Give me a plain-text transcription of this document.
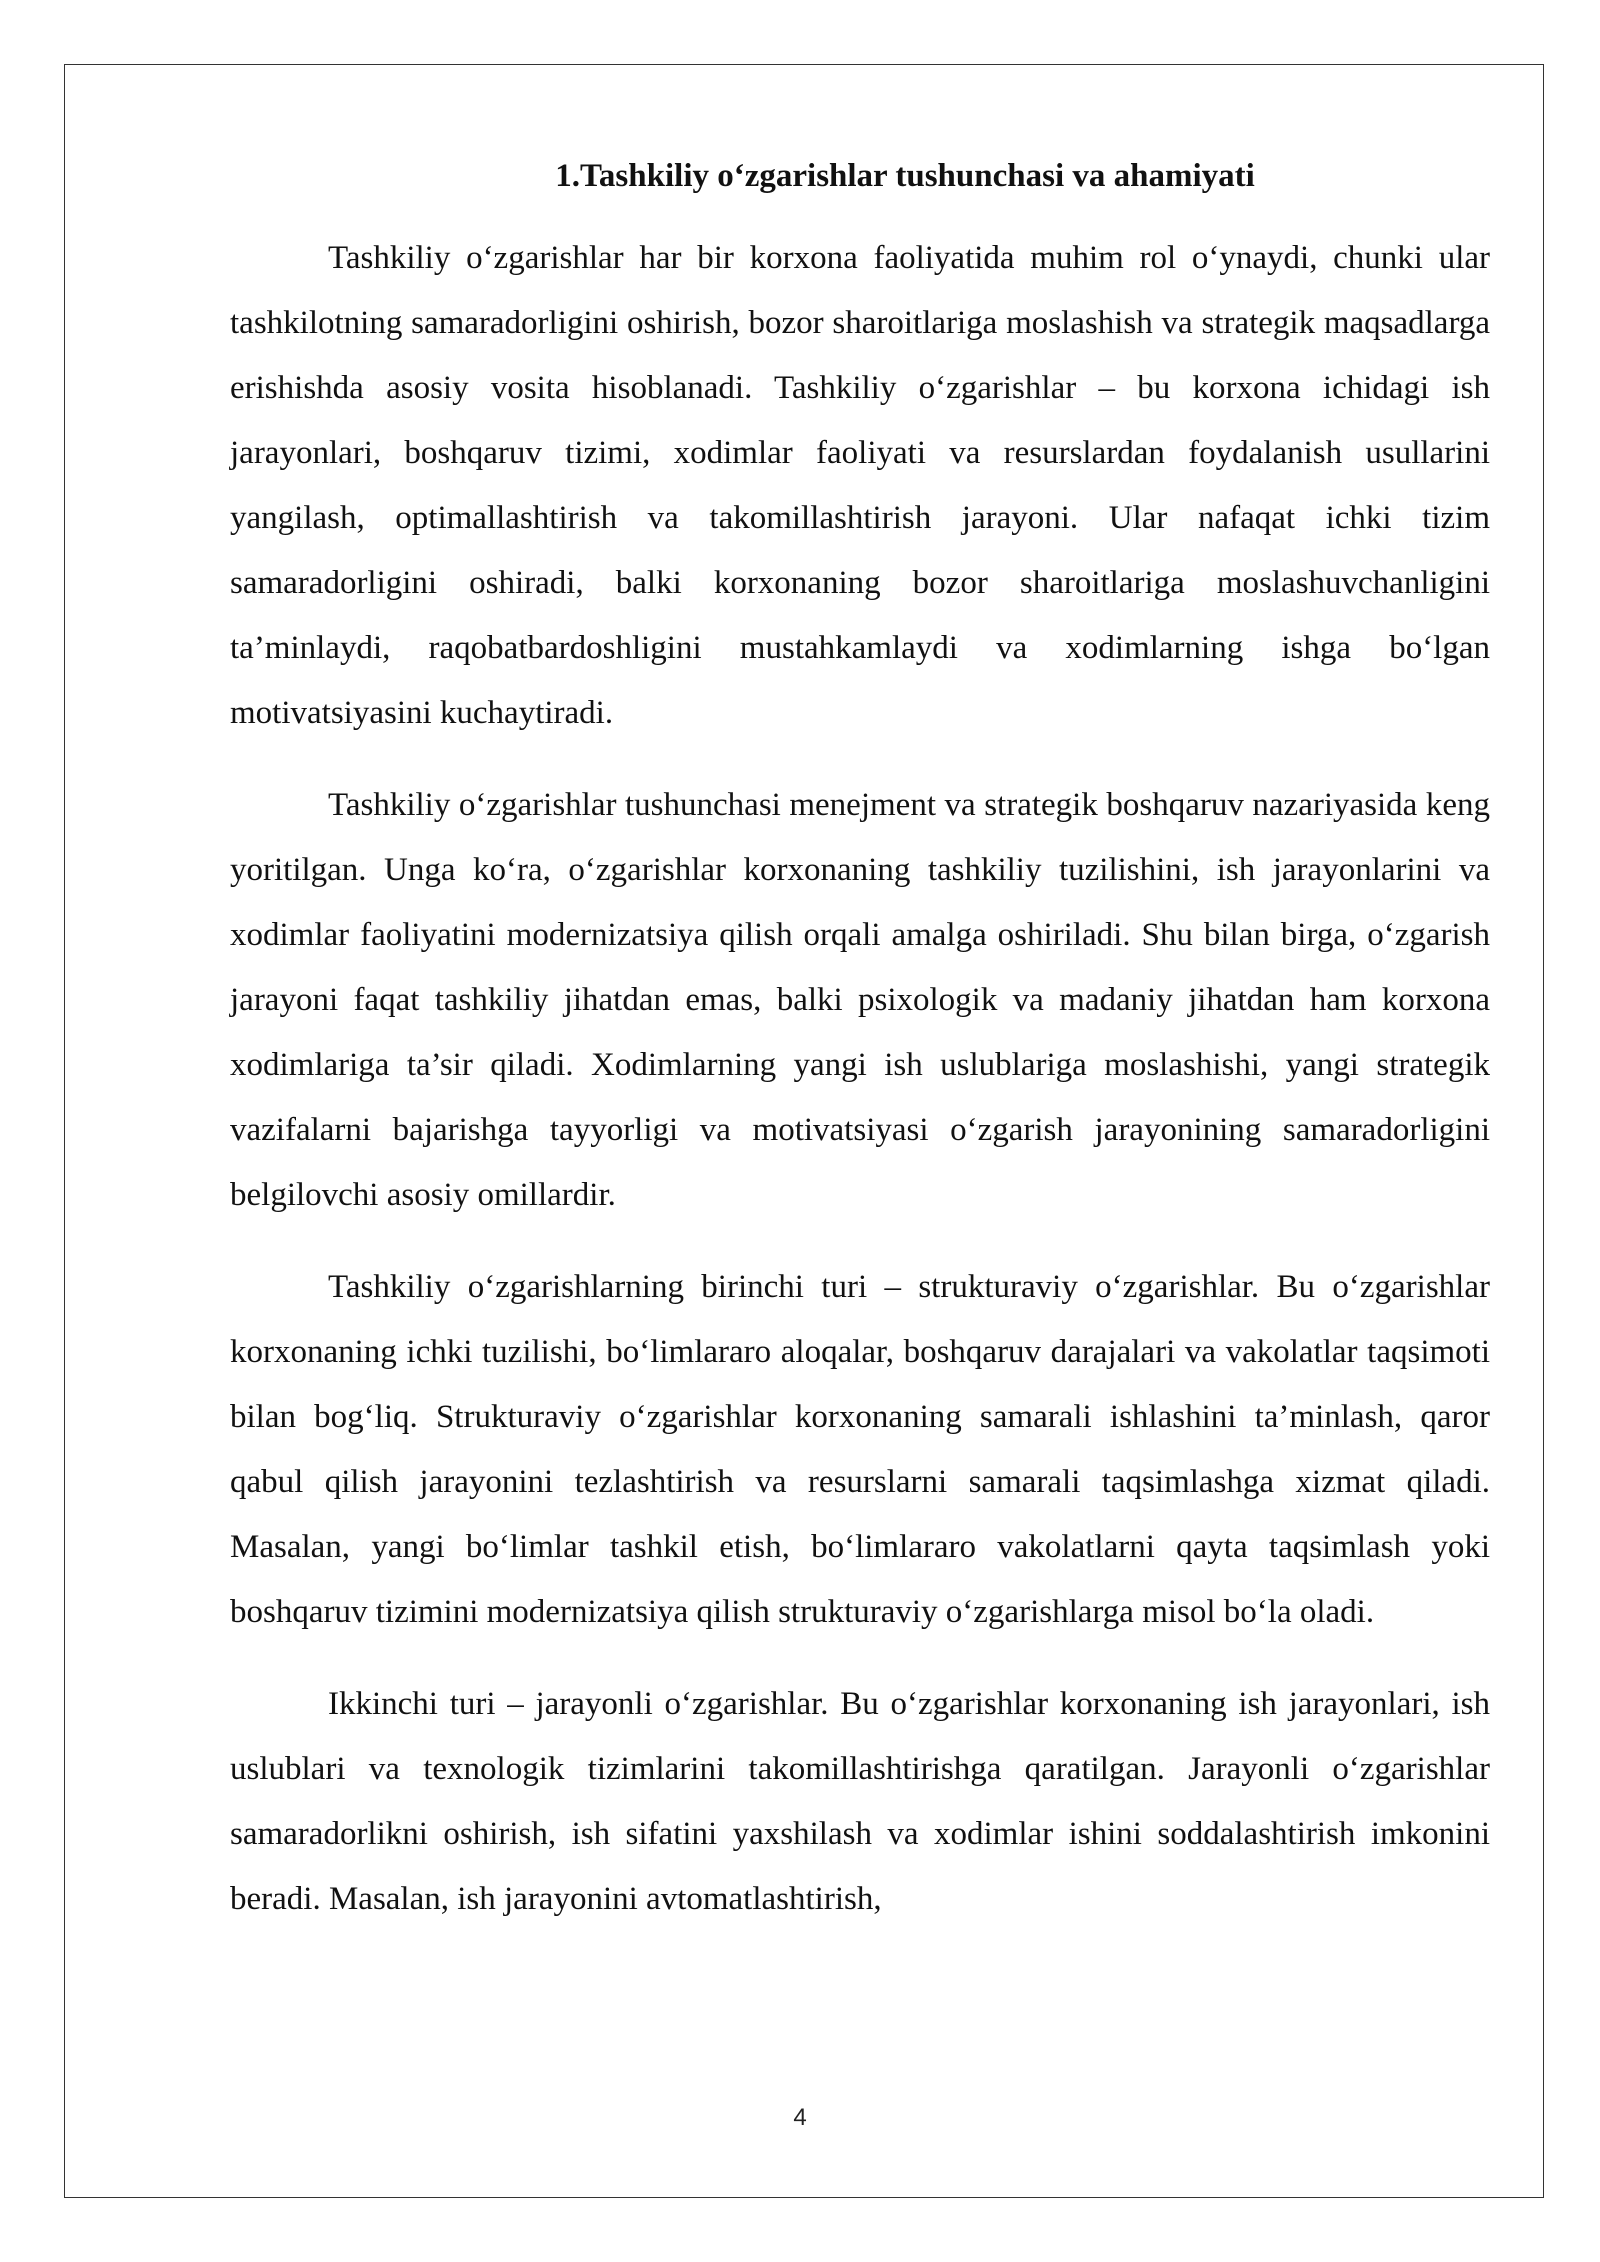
1.Tashkiliy o‘zgarishlar tushunchasi va ahamiyati

Tashkiliy o‘zgarishlar har bir korxona faoliyatida muhim rol o‘ynaydi, chunki ular tashkilotning samaradorligini oshirish, bozor sharoitlariga moslashish va strategik maqsadlarga erishishda asosiy vosita hisoblanadi. Tashkiliy o‘zgarishlar – bu korxona ichidagi ish jarayonlari, boshqaruv tizimi, xodimlar faoliyati va resurslardan foydalanish usullarini yangilash, optimallashtirish va takomillashtirish jarayoni. Ular nafaqat ichki tizim samaradorligini oshiradi, balki korxonaning bozor sharoitlariga moslashuvchanligini ta’minlaydi, raqobatbardoshligini mustahkamlaydi va xodimlarning ishga bo‘lgan motivatsiyasini kuchaytiradi.

Tashkiliy o‘zgarishlar tushunchasi menejment va strategik boshqaruv nazariyasida keng yoritilgan. Unga ko‘ra, o‘zgarishlar korxonaning tashkiliy tuzilishini, ish jarayonlarini va xodimlar faoliyatini modernizatsiya qilish orqali amalga oshiriladi. Shu bilan birga, o‘zgarish jarayoni faqat tashkiliy jihatdan emas, balki psixologik va madaniy jihatdan ham korxona xodimlariga ta’sir qiladi. Xodimlarning yangi ish uslublariga moslashishi, yangi strategik vazifalarni bajarishga tayyorligi va motivatsiyasi o‘zgarish jarayonining samaradorligini belgilovchi asosiy omillardir.

Tashkiliy o‘zgarishlarning birinchi turi – strukturaviy o‘zgarishlar. Bu o‘zgarishlar korxonaning ichki tuzilishi, bo‘limlararo aloqalar, boshqaruv darajalari va vakolatlar taqsimoti bilan bog‘liq. Strukturaviy o‘zgarishlar korxonaning samarali ishlashini ta’minlash, qaror qabul qilish jarayonini tezlashtirish va resurslarni samarali taqsimlashga xizmat qiladi. Masalan, yangi bo‘limlar tashkil etish, bo‘limlararo vakolatlarni qayta taqsimlash yoki boshqaruv tizimini modernizatsiya qilish strukturaviy o‘zgarishlarga misol bo‘la oladi.

Ikkinchi turi – jarayonli o‘zgarishlar. Bu o‘zgarishlar korxonaning ish jarayonlari, ish uslublari va texnologik tizimlarini takomillashtirishga qaratilgan. Jarayonli o‘zgarishlar samaradorlikni oshirish, ish sifatini yaxshilash va xodimlar ishini soddalashtirish imkonini beradi. Masalan, ish jarayonini avtomatlashtirish,

4
